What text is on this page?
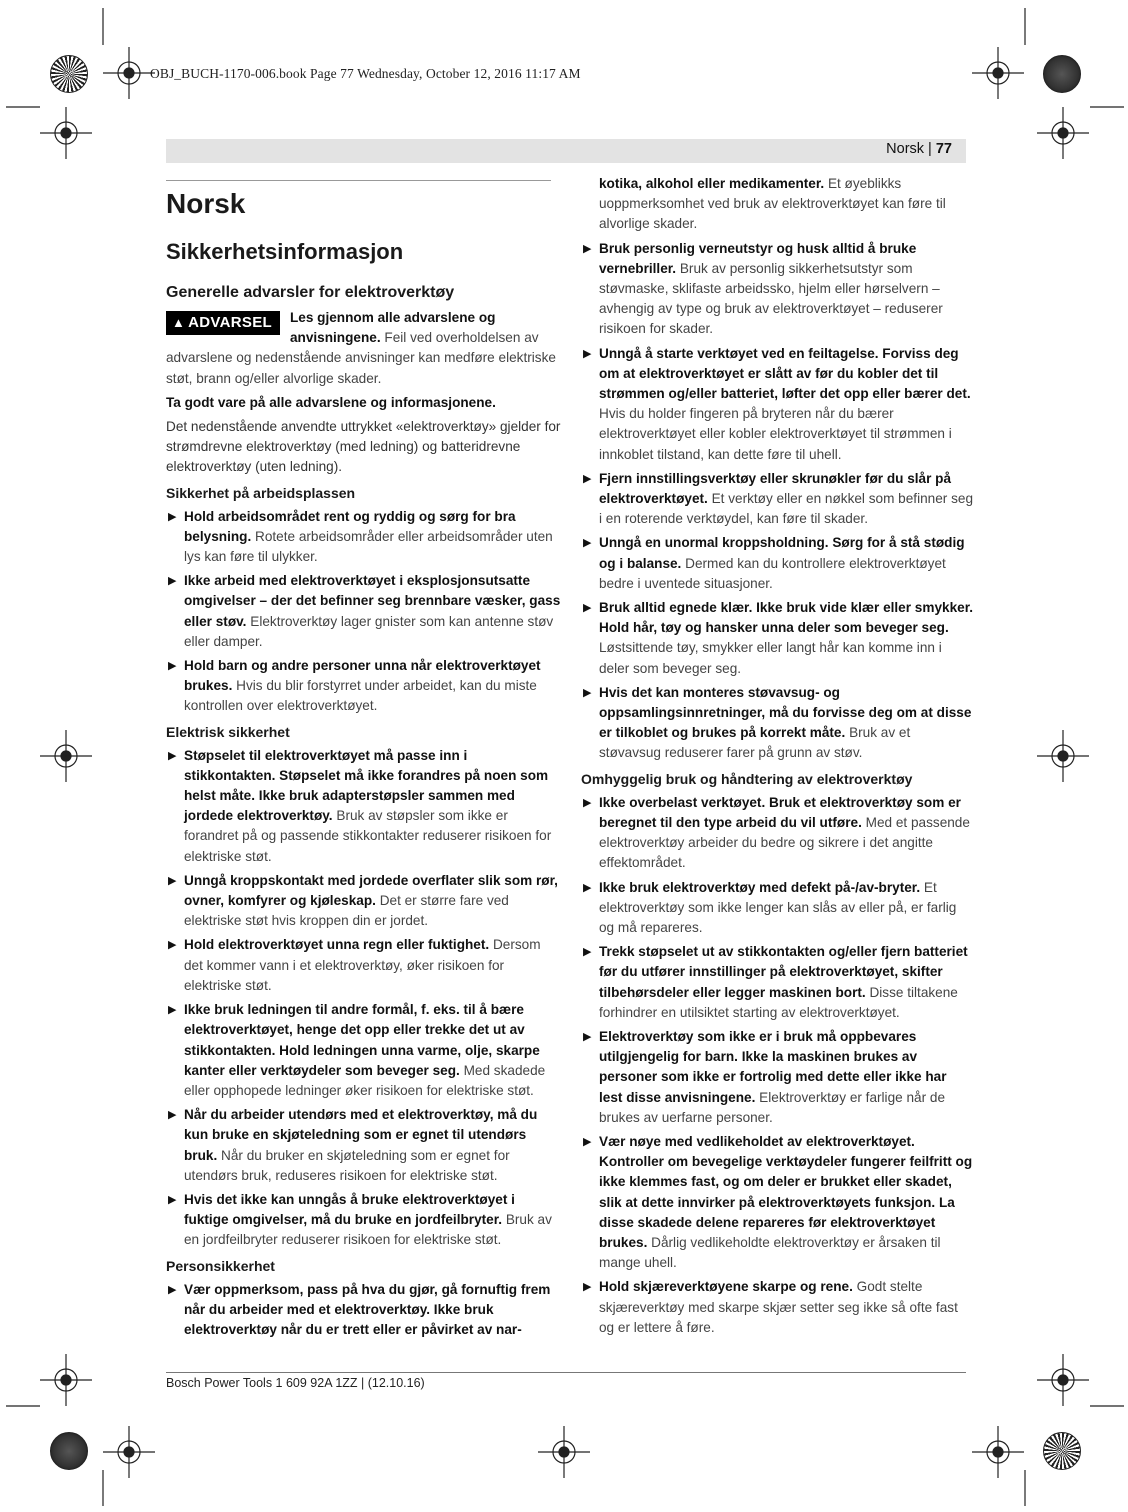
OBJ_BUCH-1170-006.book Page 77 Wednesday, October 12, 2016 11:17 AM
Norsk | 77
Norsk
Sikkerhetsinformasjon
Generelle advarsler for elektroverktøy
▲ ADVARSEL	Les gjennom alle advarslene og anvisningene. Feil ved overholdelsen av advarslene og nedenstående anvisninger kan medføre elektriske støt, brann og/eller alvorlige skader.

Ta godt vare på alle advarslene og informasjonene.

Det nedenstående anvendte uttrykket «elektroverktøy» gjelder for strømdrevne elektroverktøy (med ledning) og batteridrevne elektroverktøy (uten ledning).

Sikkerhet på arbeidsplassen
▶ Hold arbeidsområdet rent og ryddig og sørg for bra belysning. Rotete arbeidsområder eller arbeidsområder uten lys kan føre til ulykker.
▶ Ikke arbeid med elektroverktøyet i eksplosjonsutsatte omgivelser – der det befinner seg brennbare væsker, gass eller støv. Elektroverktøy lager gnister som kan antenne støv eller damper.
▶ Hold barn og andre personer unna når elektroverktøyet brukes. Hvis du blir forstyrret under arbeidet, kan du miste kontrollen over elektroverktøyet.
Elektrisk sikkerhet
▶ Støpselet til elektroverktøyet må passe inn i stikkontakten. Støpselet må ikke forandres på noen som helst måte. Ikke bruk adapterstøpsler sammen med jordede elektroverktøy. Bruk av støpsler som ikke er forandret på og passende stikkontakter reduserer risikoen for elektriske støt.
▶ Unngå kroppskontakt med jordede overflater slik som rør, ovner, komfyrer og kjøleskap. Det er større fare ved elektriske støt hvis kroppen din er jordet.
▶ Hold elektroverktøyet unna regn eller fuktighet. Dersom det kommer vann i et elektroverktøy, øker risikoen for elektriske støt.
▶ Ikke bruk ledningen til andre formål, f. eks. til å bære elektroverktøyet, henge det opp eller trekke det ut av stikkontakten. Hold ledningen unna varme, olje, skarpe kanter eller verktøydeler som beveger seg. Med skadede eller opphopede ledninger øker risikoen for elektriske støt.
▶ Når du arbeider utendørs med et elektroverktøy, må du kun bruke en skjøteledning som er egnet til utendørs bruk. Når du bruker en skjøteledning som er egnet for utendørs bruk, reduseres risikoen for elektriske støt.
▶ Hvis det ikke kan unngås å bruke elektroverktøyet i fuktige omgivelser, må du bruke en jordfeilbryter. Bruk av en jordfeilbryter reduserer risikoen for elektriske støt.
Personsikkerhet
▶ Vær oppmerksom, pass på hva du gjør, gå fornuftig frem når du arbeider med et elektroverktøy. Ikke bruk elektroverktøy når du er trett eller er påvirket av nar-

kotika, alkohol eller medikamenter. Et øyeblikks uoppmerksomhet ved bruk av elektroverktøyet kan føre til alvorlige skader.

▶ Bruk personlig verneutstyr og husk alltid å bruke vernebriller. Bruk av personlig sikkerhetsutstyr som støvmaske, sklifaste arbeidssko, hjelm eller hørselvern – avhengig av type og bruk av elektroverktøyet – reduserer risikoen for skader.
▶ Unngå å starte verktøyet ved en feiltagelse. Forviss deg om at elektroverktøyet er slått av før du kobler det til strømmen og/eller batteriet, løfter det opp eller bærer det. Hvis du holder fingeren på bryteren når du bærer elektroverktøyet eller kobler elektroverktøyet til strømmen i innkoblet tilstand, kan dette føre til uhell.
▶ Fjern innstillingsverktøy eller skrunøkler før du slår på elektroverktøyet. Et verktøy eller en nøkkel som befinner seg i en roterende verktøydel, kan føre til skader.
▶ Unngå en unormal kroppsholdning. Sørg for å stå stødig og i balanse. Dermed kan du kontrollere elektroverktøyet bedre i uventede situasjoner.
▶ Bruk alltid egnede klær. Ikke bruk vide klær eller smykker. Hold hår, tøy og hansker unna deler som beveger seg. Løstsittende tøy, smykker eller langt hår kan komme inn i deler som beveger seg.
▶ Hvis det kan monteres støvavsug- og oppsamlingsinnretninger, må du forvisse deg om at disse er tilkoblet og brukes på korrekt måte. Bruk av et støvavsug reduserer farer på grunn av støv.
Omhyggelig bruk og håndtering av elektroverktøy
▶ Ikke overbelast verktøyet. Bruk et elektroverktøy som er beregnet til den type arbeid du vil utføre. Med et passende elektroverktøy arbeider du bedre og sikrere i det angitte effektområdet.
▶ Ikke bruk elektroverktøy med defekt på-/av-bryter. Et elektroverktøy som ikke lenger kan slås av eller på, er farlig og må repareres.
▶ Trekk støpselet ut av stikkontakten og/eller fjern batteriet før du utfører innstillinger på elektroverktøyet, skifter tilbehørsdeler eller legger maskinen bort. Disse tiltakene forhindrer en utilsiktet starting av elektroverktøyet.
▶ Elektroverktøy som ikke er i bruk må oppbevares utilgjengelig for barn. Ikke la maskinen brukes av personer som ikke er fortrolig med dette eller ikke har lest disse anvisningene. Elektroverktøy er farlige når de brukes av uerfarne personer.
▶ Vær nøye med vedlikeholdet av elektroverktøyet. Kontroller om bevegelige verktøydeler fungerer feilfritt og ikke klemmes fast, og om deler er brukket eller skadet, slik at dette innvirker på elektroverktøyets funksjon. La disse skadede delene repareres før elektroverktøyet brukes. Dårlig vedlikeholdte elektroverktøy er årsaken til mange uhell.
▶ Hold skjæreverktøyene skarpe og rene. Godt stelte skjæreverktøy med skarpe skjær setter seg ikke så ofte fast og er lettere å føre.
Bosch Power Tools 1 609 92A 1ZZ | (12.10.16)
